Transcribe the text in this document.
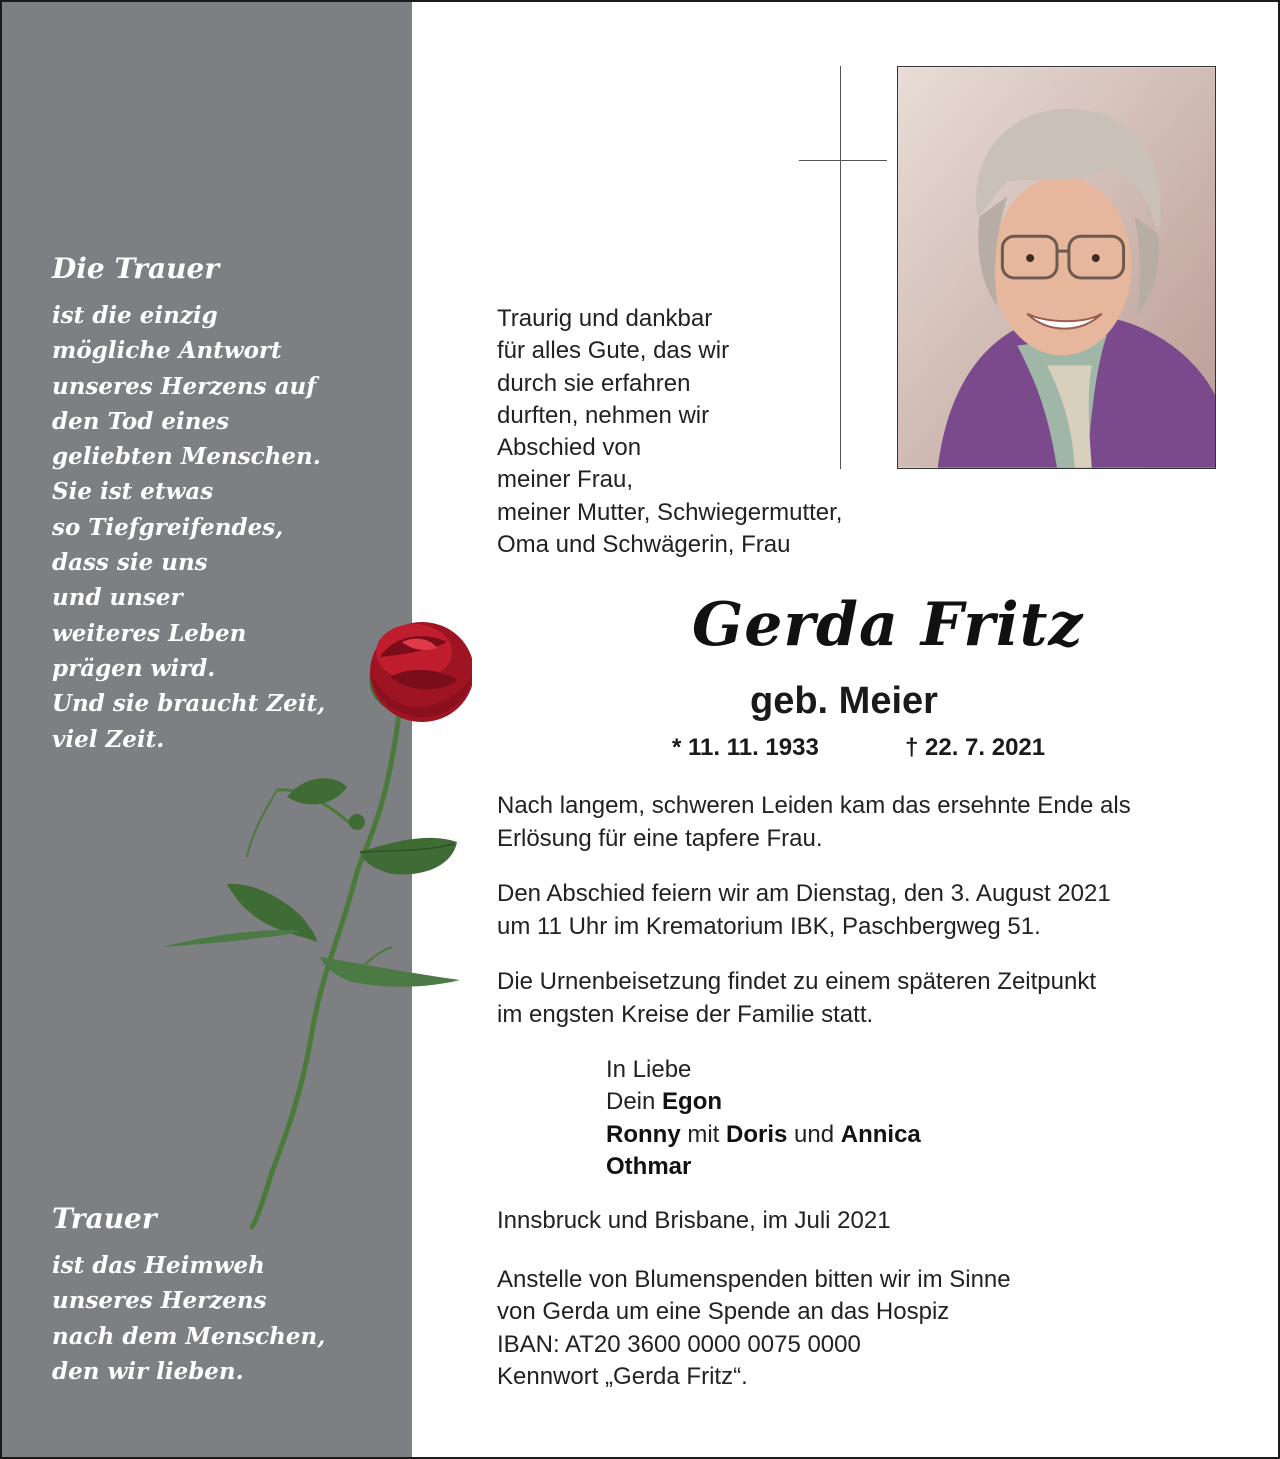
Die Trauer
ist die einzig
mögliche Antwort
unseres Herzens auf
den Tod eines
geliebten Menschen.
Sie ist etwas
so Tiefgreifendes,
dass sie uns
und unser
weiteres Leben
prägen wird.
Und sie braucht Zeit,
viel Zeit.
Trauer
ist das Heimweh
unseres Herzens
nach dem Menschen,
den wir lieben.
Traurig und dankbar
für alles Gute, das wir
durch sie erfahren
durften, nehmen wir
Abschied von
meiner Frau,
meiner Mutter, Schwiegermutter,
Oma und Schwägerin, Frau
Gerda Fritz
geb. Meier
* 11. 11. 1933	† 22. 7. 2021
Nach langem, schweren Leiden kam das ersehnte Ende als
Erlösung für eine tapfere Frau.
Den Abschied feiern wir am Dienstag, den 3. August 2021
um 11 Uhr im Krematorium IBK, Paschbergweg 51.
Die Urnenbeisetzung findet zu einem späteren Zeitpunkt
im engsten Kreise der Familie statt.
In Liebe
Dein Egon
Ronny mit Doris und Annica
Othmar
Innsbruck und Brisbane, im Juli 2021
Anstelle von Blumenspenden bitten wir im Sinne
von Gerda um eine Spende an das Hospiz
IBAN: AT20 3600 0000 0075 0000
Kennwort „Gerda Fritz“.
